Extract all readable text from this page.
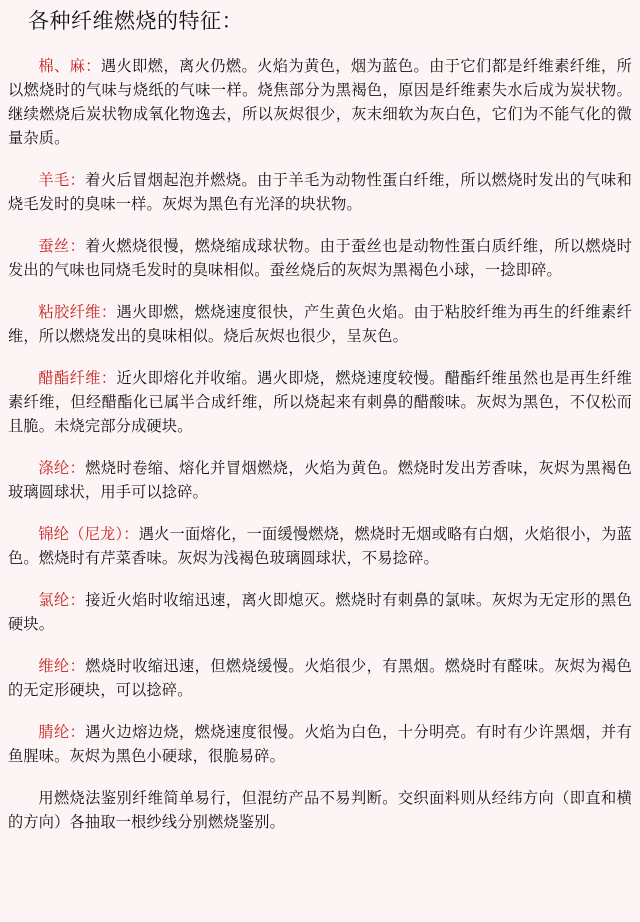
各种纤维燃烧的特征：

棉、麻：遇火即燃，离火仍燃。火焰为黄色，烟为蓝色。由于它们都是纤维素纤维，所以燃烧时的气味与烧纸的气味一样。烧焦部分为黑褐色，原因是纤维素失水后成为炭状物。继续燃烧后炭状物成氧化物逸去，所以灰烬很少，灰末细软为灰白色，它们为不能气化的微量杂质。

羊毛：着火后冒烟起泡并燃烧。由于羊毛为动物性蛋白纤维，所以燃烧时发出的气味和烧毛发时的臭味一样。灰烬为黑色有光泽的块状物。

蚕丝：着火燃烧很慢，燃烧缩成球状物。由于蚕丝也是动物性蛋白质纤维，所以燃烧时发出的气味也同烧毛发时的臭味相似。蚕丝烧后的灰烬为黑褐色小球，一捻即碎。

粘胶纤维：遇火即燃，燃烧速度很快，产生黄色火焰。由于粘胶纤维为再生的纤维素纤维，所以燃烧发出的臭味相似。烧后灰烬也很少，呈灰色。

醋酯纤维：近火即熔化并收缩。遇火即烧，燃烧速度较慢。醋酯纤维虽然也是再生纤维素纤维，但经醋酯化已属半合成纤维，所以烧起来有刺鼻的醋酸味。灰烬为黑色，不仅松而且脆。未烧完部分成硬块。

涤纶：燃烧时卷缩、熔化并冒烟燃烧，火焰为黄色。燃烧时发出芳香味，灰烬为黑褐色玻璃圆球状，用手可以捻碎。

锦纶（尼龙）：遇火一面熔化，一面缓慢燃烧，燃烧时无烟或略有白烟，火焰很小，为蓝色。燃烧时有芹菜香味。灰烬为浅褐色玻璃圆球状，不易捻碎。

氯纶：接近火焰时收缩迅速，离火即熄灭。燃烧时有刺鼻的氯味。灰烬为无定形的黑色硬块。

维纶：燃烧时收缩迅速，但燃烧缓慢。火焰很少，有黑烟。燃烧时有醛味。灰烬为褐色的无定形硬块，可以捻碎。

腈纶：遇火边熔边烧，燃烧速度很慢。火焰为白色，十分明亮。有时有少许黑烟，并有鱼腥味。灰烬为黑色小硬球，很脆易碎。

用燃烧法鉴别纤维简单易行，但混纺产品不易判断。交织面料则从经纬方向（即直和横的方向）各抽取一根纱线分别燃烧鉴别。
